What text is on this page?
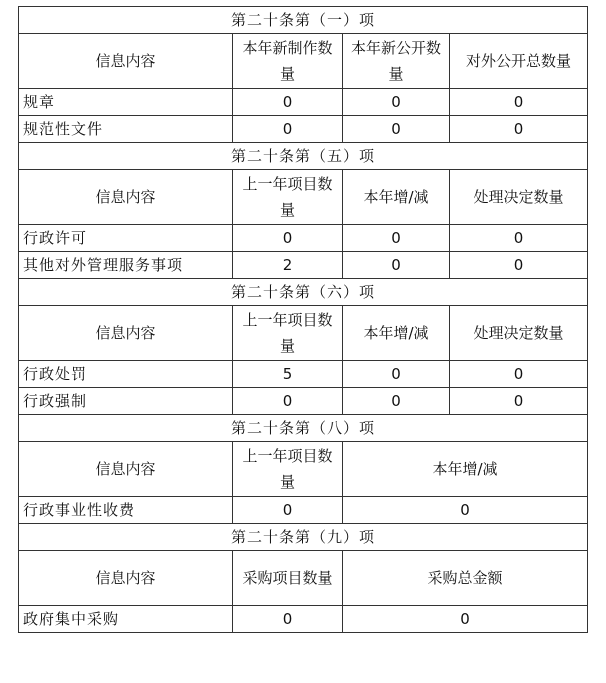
第二十条第（一）项			
信息内容	本年新制作数量	本年新公开数量	对外公开总数量
规章	0	0	0
规范性文件	0	0	0
第二十条第（五）项			
信息内容	上一年项目数量	本年增/减	处理决定数量
行政许可	0	0	0
其他对外管理服务事项	2	0	0
第二十条第（六）项			
信息内容	上一年项目数量	本年增/减	处理决定数量
行政处罚	5	0	0
行政强制	0	0	0
第二十条第（八）项			
信息内容	上一年项目数量	本年增/减	
行政事业性收费	0	0	
第二十条第（九）项			
信息内容	采购项目数量	采购总金额	
政府集中采购	0	0	
